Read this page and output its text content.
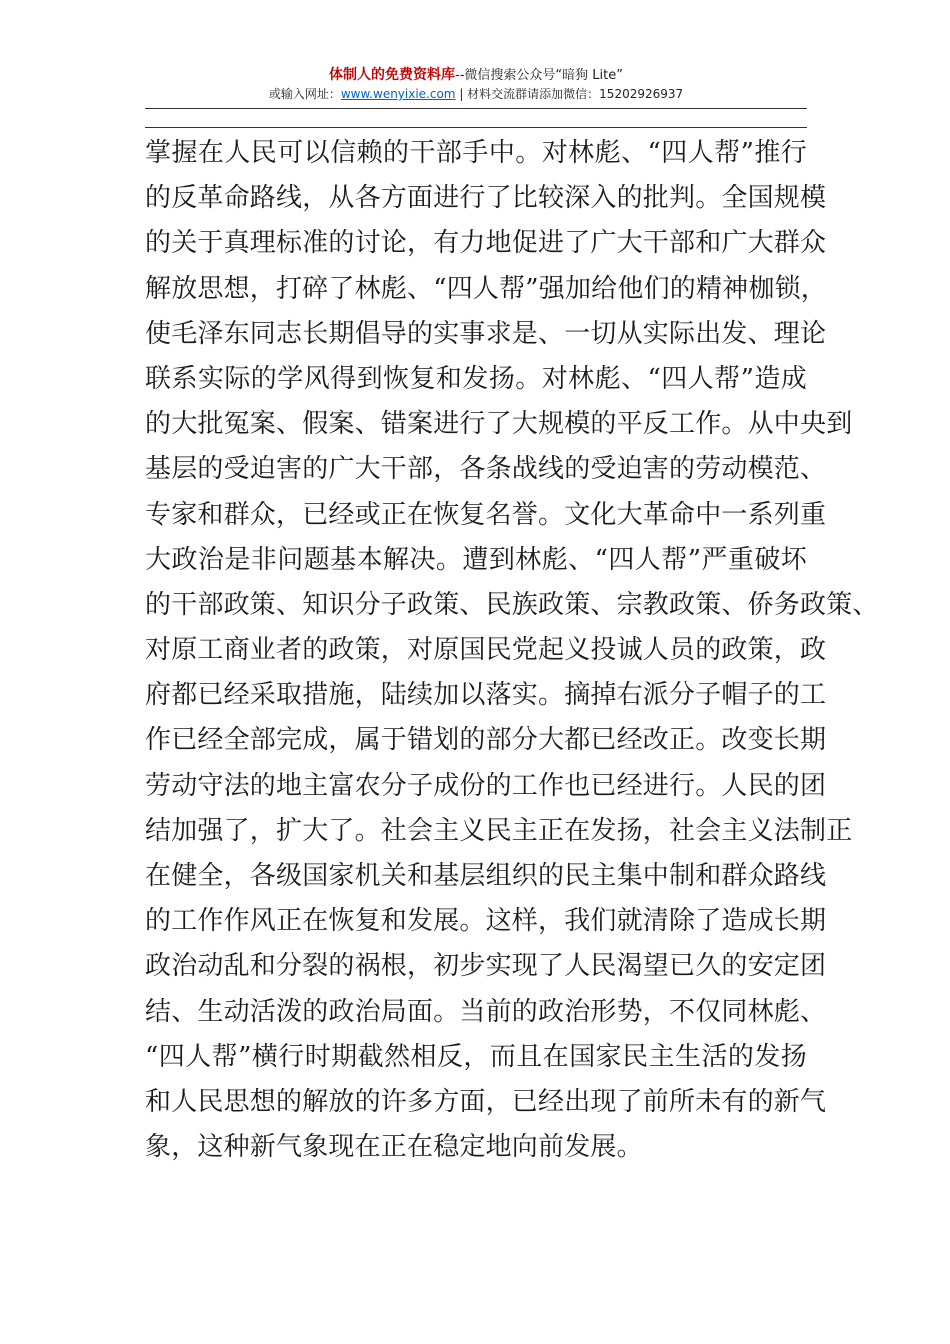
体制人的免费资料库--微信搜索公众号“暗狗 Lite”
或输入网址：www.wenyixie.com | 材料交流群请添加微信：15202926937
掌握在人民可以信赖的干部手中。对林彪、“四人帮”推行
的反革命路线，从各方面进行了比较深入的批判。全国规模
的关于真理标准的讨论，有力地促进了广大干部和广大群众
解放思想，打碎了林彪、“四人帮”强加给他们的精神枷锁，
使毛泽东同志长期倡导的实事求是、一切从实际出发、理论
联系实际的学风得到恢复和发扬。对林彪、“四人帮”造成
的大批冤案、假案、错案进行了大规模的平反工作。从中央到
基层的受迫害的广大干部，各条战线的受迫害的劳动模范、
专家和群众，已经或正在恢复名誉。文化大革命中一系列重
大政治是非问题基本解决。遭到林彪、“四人帮”严重破坏
的干部政策、知识分子政策、民族政策、宗教政策、侨务政策、
对原工商业者的政策，对原国民党起义投诚人员的政策，政
府都已经采取措施，陆续加以落实。摘掉右派分子帽子的工
作已经全部完成，属于错划的部分大都已经改正。改变长期
劳动守法的地主富农分子成份的工作也已经进行。人民的团
结加强了，扩大了。社会主义民主正在发扬，社会主义法制正
在健全，各级国家机关和基层组织的民主集中制和群众路线
的工作作风正在恢复和发展。这样，我们就清除了造成长期
政治动乱和分裂的祸根，初步实现了人民渴望已久的安定团
结、生动活泼的政治局面。当前的政治形势，不仅同林彪、
“四人帮”横行时期截然相反，而且在国家民主生活的发扬
和人民思想的解放的许多方面，已经出现了前所未有的新气
象，这种新气象现在正在稳定地向前发展。
